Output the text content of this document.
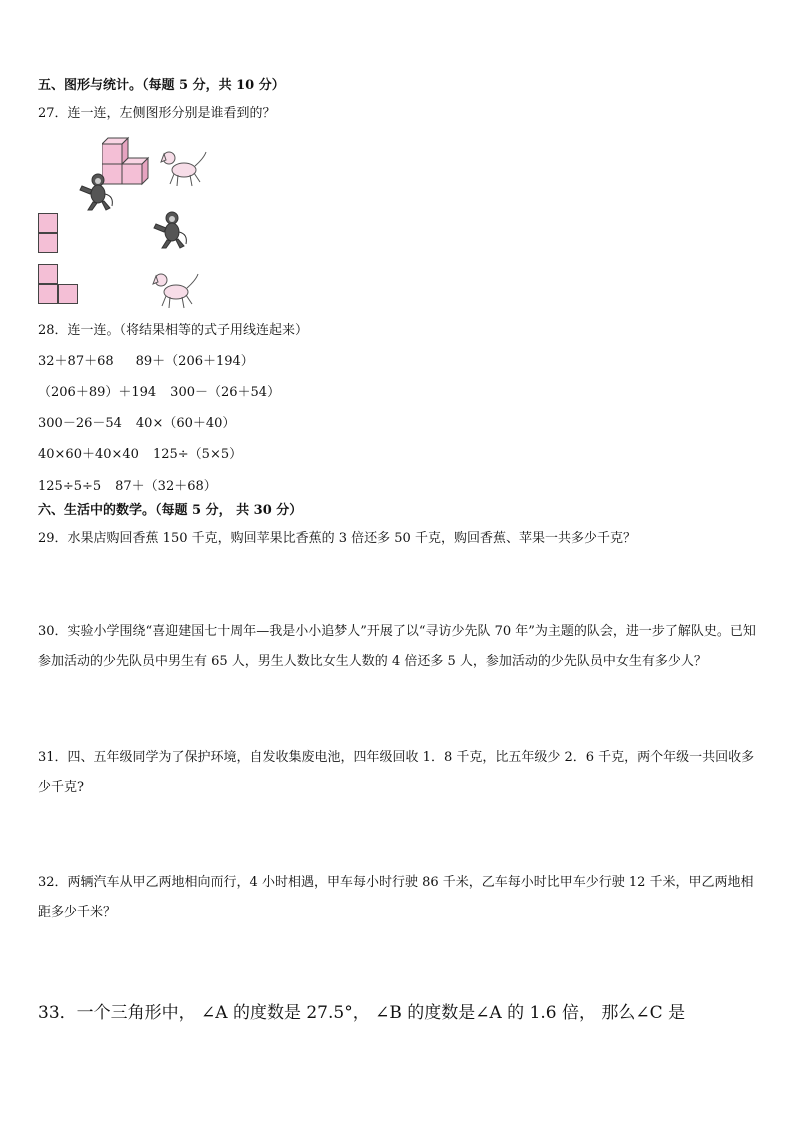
五、图形与统计。（每题 5 分，共 10 分）
27．连一连，左侧图形分别是谁看到的？
28．连一连。（将结果相等的式子用线连起来）
32＋87＋68 89＋（206＋194）
（206＋89）＋194 300－（26＋54）
300－26－54 40×（60＋40）
40×60＋40×40 125÷（5×5）
125÷5÷5 87＋（32＋68）
六、生活中的数学。（每题 5 分， 共 30 分）
29．水果店购回香蕉 150 千克，购回苹果比香蕉的 3 倍还多 50 千克，购回香蕉、苹果一共多少千克？
30．实验小学围绕“喜迎建国七十周年—我是小小追梦人”开展了以“寻访少先队 70 年”为主题的队会，进一步了解队史。已知参加活动的少先队员中男生有 65 人，男生人数比女生人数的 4 倍还多 5 人，参加活动的少先队员中女生有多少人？
31．四、五年级同学为了保护环境，自发收集废电池，四年级回收 1．8 千克，比五年级少 2．6 千克，两个年级一共回收多少千克?
32．两辆汽车从甲乙两地相向而行，4 小时相遇，甲车每小时行驶 86 千米，乙车每小时比甲车少行驶 12 千米，甲乙两地相距多少千米？
33．一个三角形中， ∠A 的度数是 27.5°， ∠B 的度数是∠A 的 1.6 倍， 那么∠C 是
